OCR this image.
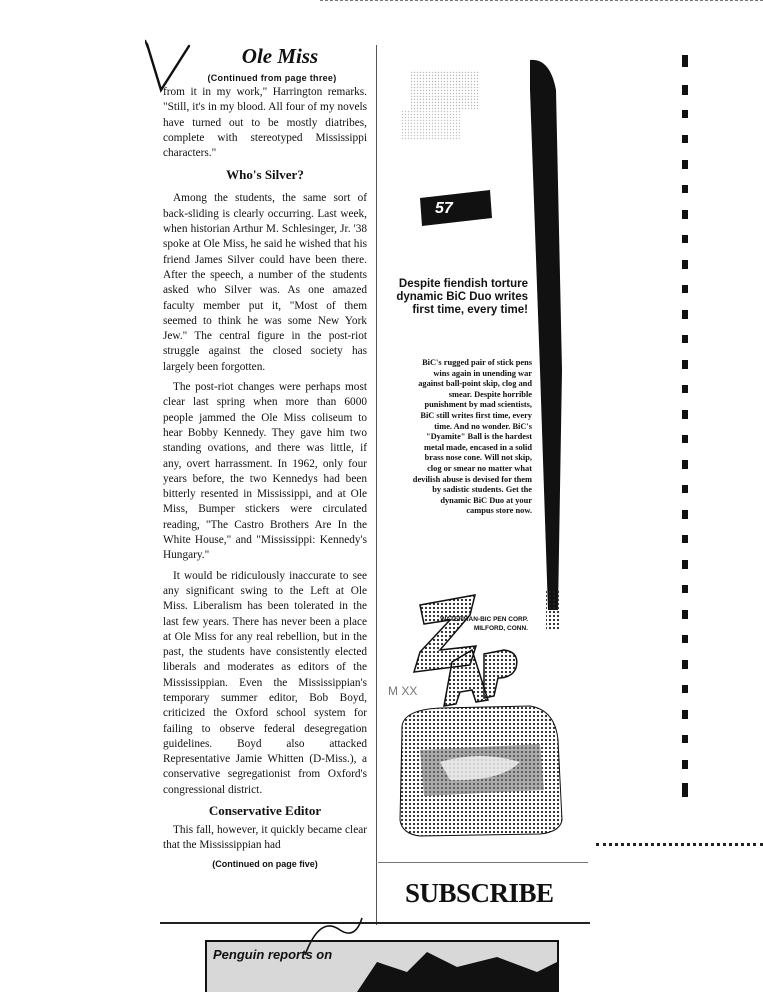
Ole Miss
(Continued from page three)

from it in my work," Harrington remarks. "Still, it's in my blood. All four of my novels have turned out to be mostly diatribes, complete with stereotyped Mississippi characters."

Who's Silver?

Among the students, the same sort of back-sliding is clearly occurring. Last week, when historian Arthur M. Schlesinger, Jr. '38 spoke at Ole Miss, he said he wished that his friend James Silver could have been there. After the speech, a number of the students asked who Silver was. As one amazed faculty member put it, "Most of them seemed to think he was some New York Jew." The central figure in the post-riot struggle against the closed society has largely been forgotten.

The post-riot changes were perhaps most clear last spring when more than 6000 people jammed the Ole Miss coliseum to hear Bobby Kennedy. They gave him two standing ovations, and there was little, if any, overt harrassment. In 1962, only four years before, the two Kennedys had been bitterly resented in Mississippi, and at Ole Miss, Bumper stickers were circulated reading, "The Castro Brothers Are In the White House," and "Mississippi: Kennedy's Hungary."

It would be ridiculously inaccurate to see any significant swing to the Left at Ole Miss. Liberalism has been tolerated in the last few years. There has never been a place at Ole Miss for any real rebellion, but in the past, the students have consistently elected liberals and moderates as editors of the Mississippian. Even the Mississippian's temporary summer editor, Bob Boyd, criticized the Oxford school system for failing to observe federal desegregation guidelines. Boyd also attacked Representative Jamie Whitten (D-Miss.), a conservative segregationist from Oxford's congressional district.

Conservative Editor

This fall, however, it quickly became clear that the Mississippian had

(Continued on page five)
M XX
Despite fiendish torture dynamic BiC Duo writes first time, every time!
BiC's rugged pair of stick pens wins again in unending war against ball-point skip, clog and smear. Despite horrible punishment by mad scientists, BiC still writes first time, every time. And no wonder. BiC's "Dyamite" Ball is the hardest metal made, encased in a solid brass nose cone. Will not skip, clog or smear no matter what devilish abuse is devised for them by sadistic students. Get the dynamic BiC Duo at your campus store now.
WATERMAN-BIC PEN CORP. MILFORD, CONN.
57
SUBSCRIBE
Penguin reports on
